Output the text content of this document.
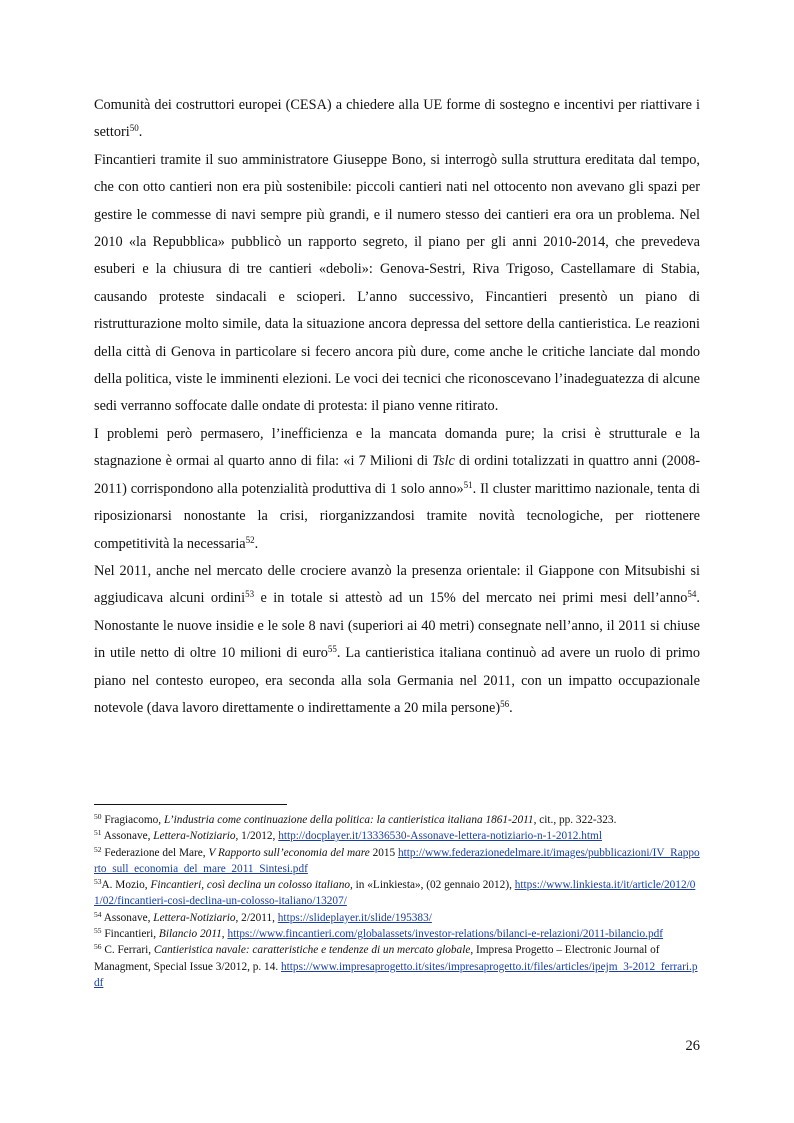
Comunità dei costruttori europei (CESA) a chiedere alla UE forme di sostegno e incentivi per riattivare i settori$^{50}$.

Fincantieri tramite il suo amministratore Giuseppe Bono, si interrogò sulla struttura ereditata dal tempo, che con otto cantieri non era più sostenibile: piccoli cantieri nati nel ottocento non avevano gli spazi per gestire le commesse di navi sempre più grandi, e il numero stesso dei cantieri era ora un problema. Nel 2010 «la Repubblica» pubblicò un rapporto segreto, il piano per gli anni 2010-2014, che prevedeva esuberi e la chiusura di tre cantieri «deboli»: Genova-Sestri, Riva Trigoso, Castellamare di Stabia, causando proteste sindacali e scioperi. L’anno successivo, Fincantieri presentò un piano di ristrutturazione molto simile, data la situazione ancora depressa del settore della cantieristica. Le reazioni della città di Genova in particolare si fecero ancora più dure, come anche le critiche lanciate dal mondo della politica, viste le imminenti elezioni. Le voci dei tecnici che riconoscevano l’inadeguatezza di alcune sedi verranno soffocate dalle ondate di protesta: il piano venne ritirato.

I problemi però permasero, l’inefficienza e la mancata domanda pure; la crisi è strutturale e la stagnazione è ormai al quarto anno di fila: «i 7 Milioni di Tslc di ordini totalizzati in quattro anni (2008-2011) corrispondono alla potenzialità produttiva di 1 solo anno»$^{51}$. Il cluster marittimo nazionale, tenta di riposizionarsi nonostante la crisi, riorganizzandosi tramite novità tecnologiche, per riottenere competitività la necessaria$^{52}$.

Nel 2011, anche nel mercato delle crociere avanzò la presenza orientale: il Giappone con Mitsubishi si aggiudicava alcuni ordini$^{53}$ e in totale si attestò ad un 15% del mercato nei primi mesi dell’anno$^{54}$. Nonostante le nuove insidie e le sole 8 navi (superiori ai 40 metri) consegnate nell’anno, il 2011 si chiuse in utile netto di oltre 10 milioni di euro$^{55}$. La cantieristica italiana continuò ad avere un ruolo di primo piano nel contesto europeo, era seconda alla sola Germania nel 2011, con un impatto occupazionale notevole (dava lavoro direttamente o indirettamente a 20 mila persone)$^{56}$.

$^{50}$ Fragiacomo, L’industria come continuazione della politica: la cantieristica italiana 1861-2011, cit., pp. 322-323.

$^{51}$ Assonave, Lettera-Notiziario, 1/2012, http://docplayer.it/13336530-Assonave-lettera-notiziario-n-1-2012.html

$^{52}$ Federazione del Mare, V Rapporto sull’economia del mare 2015 http://www.federazionedelmare.it/images/pubblicazioni/IV_Rapporto_sull_economia_del_mare_2011_Sintesi.pdf

$^{53}$A. Mozio, Fincantieri, così declina un colosso italiano, in «Linkiesta», (02 gennaio 2012), https://www.linkiesta.it/it/article/2012/01/02/fincantieri-cosi-declina-un-colosso-italiano/13207/

$^{54}$ Assonave, Lettera-Notiziario, 2/2011, https://slideplayer.it/slide/195383/

$^{55}$ Fincantieri, Bilancio 2011, https://www.fincantieri.com/globalassets/investor-relations/bilanci-e-relazioni/2011-bilancio.pdf

$^{56}$ C. Ferrari, Cantieristica navale: caratteristiche e tendenze di un mercato globale, Impresa Progetto – Electronic Journal of Managment, Special Issue 3/2012, p. 14. https://www.impresaprogetto.it/sites/impresaprogetto.it/files/articles/ipejm_3-2012_ferrari.pdf

26
